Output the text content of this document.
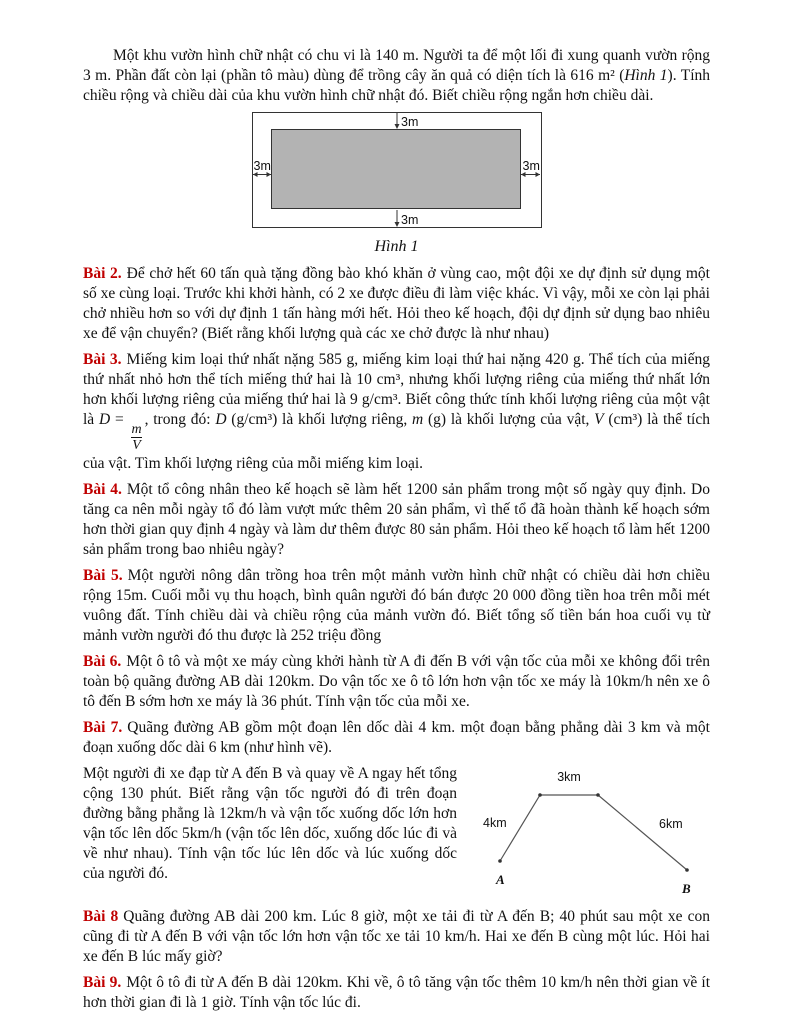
Một khu vườn hình chữ nhật có chu vi là 140 m. Người ta để một lối đi xung quanh vườn rộng 3 m. Phần đất còn lại (phần tô màu) dùng để trồng cây ăn quả có diện tích là 616 m² (Hình 1). Tính chiều rộng và chiều dài của khu vườn hình chữ nhật đó. Biết chiều rộng ngắn hơn chiều dài.

3m
3m
3m	3m
Hình 1

Bài 2. Để chở hết 60 tấn quà tặng đồng bào khó khăn ở vùng cao, một đội xe dự định sử dụng một số xe cùng loại. Trước khi khởi hành, có 2 xe được điều đi làm việc khác. Vì vậy, mỗi xe còn lại phải chở nhiều hơn so với dự định 1 tấn hàng mới hết. Hỏi theo kế hoạch, đội dự định sử dụng bao nhiêu xe để vận chuyển? (Biết rằng khối lượng quà các xe chở được là như nhau)

Bài 3. Miếng kim loại thứ nhất nặng 585 g, miếng kim loại thứ hai nặng 420 g. Thể tích của miếng thứ nhất nhỏ hơn thể tích miếng thứ hai là 10 cm³, nhưng khối lượng riêng của miếng thứ nhất lớn hơn khối lượng riêng của miếng thứ hai là 9 g/cm³. Biết công thức tính khối lượng riêng của một vật là D =
$\frac{m}{V}$
, trong đó: D (g/cm³) là khối lượng riêng, m (g) là khối lượng của vật, V (cm³) là thể tích của vật. Tìm khối lượng riêng của mỗi miếng kim loại.

Bài 4. Một tổ công nhân theo kế hoạch sẽ làm hết 1200 sản phẩm trong một số ngày quy định. Do tăng ca nên mỗi ngày tổ đó làm vượt mức thêm 20 sản phẩm, vì thế tổ đã hoàn thành kế hoạch sớm hơn thời gian quy định 4 ngày và làm dư thêm được 80 sản phẩm. Hỏi theo kế hoạch tổ làm hết 1200 sản phẩm trong bao nhiêu ngày?

Bài 5. Một người nông dân trồng hoa trên một mảnh vườn hình chữ nhật có chiều dài hơn chiều rộng 15m. Cuối mỗi vụ thu hoạch, bình quân người đó bán được 20 000 đồng tiền hoa trên mỗi mét vuông đất. Tính chiều dài và chiều rộng của mảnh vườn đó. Biết tổng số tiền bán hoa cuối vụ từ mảnh vườn người đó thu được là 252 triệu đồng

Bài 6. Một ô tô và một xe máy cùng khởi hành từ A đi đến B với vận tốc của mỗi xe không đổi trên toàn bộ quãng đường AB dài 120km. Do vận tốc xe ô tô lớn hơn vận tốc xe máy là 10km/h nên xe ô tô đến B sớm hơn xe máy là 36 phút. Tính vận tốc của mỗi xe.

Bài 7. Quãng đường AB gồm một đoạn lên dốc dài 4 km. một đoạn bằng phẳng dài 3 km và một đoạn xuống dốc dài 6 km (như hình vẽ).

Một người đi xe đạp từ A đến B và quay về A ngay hết tổng cộng 130 phút. Biết rằng vận tốc người đó đi trên đoạn đường bằng phẳng là 12km/h và vận tốc xuống dốc lớn hơn vận tốc lên dốc 5km/h (vận tốc lên dốc, xuống dốc lúc đi và về như nhau). Tính vận tốc lúc lên dốc và lúc xuống dốc của người đó.
3km
4km	6km
A
B

Bài 8 Quãng đường AB dài 200 km. Lúc 8 giờ, một xe tải đi từ A đến B; 40 phút sau một xe con cũng đi từ A đến B với vận tốc lớn hơn vận tốc xe tải 10 km/h. Hai xe đến B cùng một lúc. Hỏi hai xe đến B lúc mấy giờ?

Bài 9. Một ô tô đi từ A đến B dài 120km. Khi về, ô tô tăng vận tốc thêm 10 km/h nên thời gian về ít hơn thời gian đi là 1 giờ. Tính vận tốc lúc đi.
